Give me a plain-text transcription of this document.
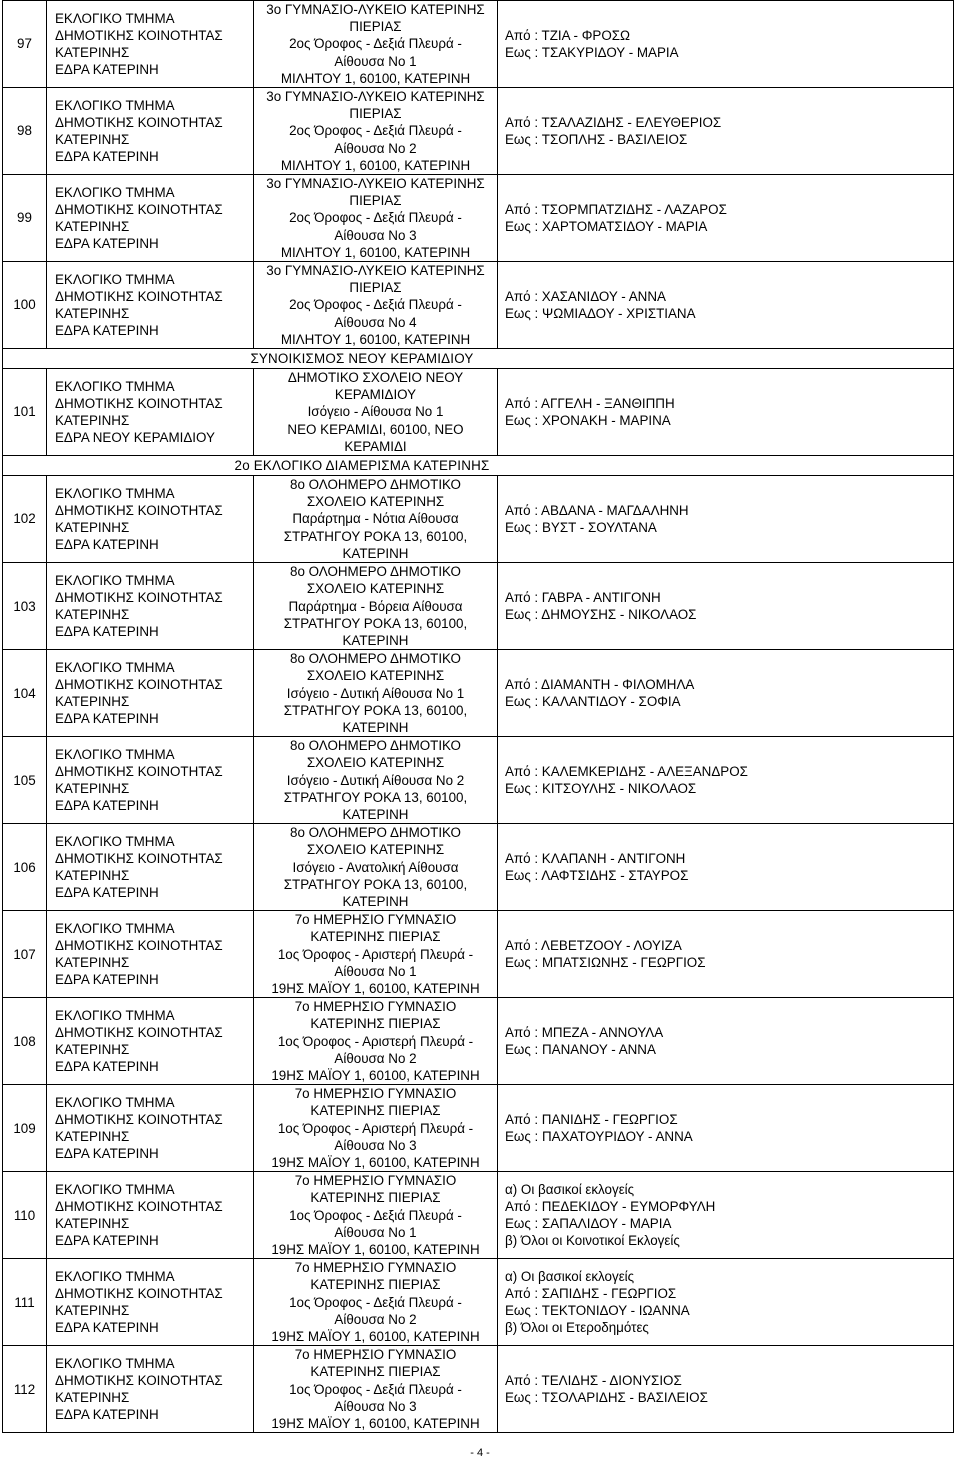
97	ΕΚΛΟΓΙΚΟ ΤΜΗΜΑ
ΔΗΜΟΤΙΚΗΣ ΚΟΙΝΟΤΗΤΑΣ
ΚΑΤΕΡΙΝΗΣ
ΕΔΡΑ ΚΑΤΕΡΙΝΗ	3ο ΓΥΜΝΑΣΙΟ-ΛΥΚΕΙΟ ΚΑΤΕΡΙΝΗΣ
ΠΙΕΡΙΑΣ
2ος Όροφος - Δεξιά Πλευρά -
Αίθουσα Νο 1
ΜΙΛΗΤΟΥ 1, 60100, ΚΑΤΕΡΙΝΗ	Από : ΤΖΙΑ - ΦΡΟΣΩ
Εως : ΤΣΑΚΥΡΙΔΟΥ - ΜΑΡΙΑ

98	ΕΚΛΟΓΙΚΟ ΤΜΗΜΑ
ΔΗΜΟΤΙΚΗΣ ΚΟΙΝΟΤΗΤΑΣ
ΚΑΤΕΡΙΝΗΣ
ΕΔΡΑ ΚΑΤΕΡΙΝΗ	3ο ΓΥΜΝΑΣΙΟ-ΛΥΚΕΙΟ ΚΑΤΕΡΙΝΗΣ
ΠΙΕΡΙΑΣ
2ος Όροφος - Δεξιά Πλευρά -
Αίθουσα Νο 2
ΜΙΛΗΤΟΥ 1, 60100, ΚΑΤΕΡΙΝΗ	Από : ΤΣΑΛΑΖΙΔΗΣ - ΕΛΕΥΘΕΡΙΟΣ
Εως : ΤΣΟΠΛΗΣ - ΒΑΣΙΛΕΙΟΣ

99	ΕΚΛΟΓΙΚΟ ΤΜΗΜΑ
ΔΗΜΟΤΙΚΗΣ ΚΟΙΝΟΤΗΤΑΣ
ΚΑΤΕΡΙΝΗΣ
ΕΔΡΑ ΚΑΤΕΡΙΝΗ	3ο ΓΥΜΝΑΣΙΟ-ΛΥΚΕΙΟ ΚΑΤΕΡΙΝΗΣ
ΠΙΕΡΙΑΣ
2ος Όροφος - Δεξιά Πλευρά -
Αίθουσα Νο 3
ΜΙΛΗΤΟΥ 1, 60100, ΚΑΤΕΡΙΝΗ	Από : ΤΣΟΡΜΠΑΤΖΙΔΗΣ - ΛΑΖΑΡΟΣ
Εως : ΧΑΡΤΟΜΑΤΣΙΔΟΥ - ΜΑΡΙΑ

100	ΕΚΛΟΓΙΚΟ ΤΜΗΜΑ
ΔΗΜΟΤΙΚΗΣ ΚΟΙΝΟΤΗΤΑΣ
ΚΑΤΕΡΙΝΗΣ
ΕΔΡΑ ΚΑΤΕΡΙΝΗ	3ο ΓΥΜΝΑΣΙΟ-ΛΥΚΕΙΟ ΚΑΤΕΡΙΝΗΣ
ΠΙΕΡΙΑΣ
2ος Όροφος - Δεξιά Πλευρά -
Αίθουσα Νο 4
ΜΙΛΗΤΟΥ 1, 60100, ΚΑΤΕΡΙΝΗ	Από : ΧΑΣΑΝΙΔΟΥ - ΑΝΝΑ
Εως : ΨΩΜΙΑΔΟΥ - ΧΡΙΣΤΙΑΝΑ

ΣΥΝΟΙΚΙΣΜΟΣ ΝΕΟΥ ΚΕΡΑΜΙΔΙΟΥ			
101	ΕΚΛΟΓΙΚΟ ΤΜΗΜΑ
ΔΗΜΟΤΙΚΗΣ ΚΟΙΝΟΤΗΤΑΣ
ΚΑΤΕΡΙΝΗΣ
ΕΔΡΑ ΝΕΟΥ ΚΕΡΑΜΙΔΙΟΥ	ΔΗΜΟΤΙΚΟ ΣΧΟΛΕΙΟ ΝΕΟΥ
ΚΕΡΑΜΙΔΙΟΥ
Ισόγειο - Αίθουσα Νο 1
ΝΕΟ ΚΕΡΑΜΙΔΙ, 60100, ΝΕΟ
ΚΕΡΑΜΙΔΙ	Από : ΑΓΓΕΛΗ - ΞΑΝΘΙΠΠΗ
Εως : ΧΡΟΝΑΚΗ - ΜΑΡΙΝΑ

2ο ΕΚΛΟΓΙΚΟ ΔΙΑΜΕΡΙΣΜΑ ΚΑΤΕΡΙΝΗΣ			
102	ΕΚΛΟΓΙΚΟ ΤΜΗΜΑ
ΔΗΜΟΤΙΚΗΣ ΚΟΙΝΟΤΗΤΑΣ
ΚΑΤΕΡΙΝΗΣ
ΕΔΡΑ ΚΑΤΕΡΙΝΗ	8ο ΟΛΟΗΜΕΡΟ ΔΗΜΟΤΙΚΟ
ΣΧΟΛΕΙΟ ΚΑΤΕΡΙΝΗΣ
Παράρτημα - Νότια Αίθουσα
ΣΤΡΑΤΗΓΟΥ ΡΟΚΑ 13, 60100,
ΚΑΤΕΡΙΝΗ	Από : ΑΒΔΑΝΑ - ΜΑΓΔΑΛΗΝΗ
Εως : ΒΥΣΤ - ΣΟΥΛΤΑΝΑ

103	ΕΚΛΟΓΙΚΟ ΤΜΗΜΑ
ΔΗΜΟΤΙΚΗΣ ΚΟΙΝΟΤΗΤΑΣ
ΚΑΤΕΡΙΝΗΣ
ΕΔΡΑ ΚΑΤΕΡΙΝΗ	8ο ΟΛΟΗΜΕΡΟ ΔΗΜΟΤΙΚΟ
ΣΧΟΛΕΙΟ ΚΑΤΕΡΙΝΗΣ
Παράρτημα - Βόρεια Αίθουσα
ΣΤΡΑΤΗΓΟΥ ΡΟΚΑ 13, 60100,
ΚΑΤΕΡΙΝΗ	Από : ΓΑΒΡΑ - ΑΝΤΙΓΟΝΗ
Εως : ΔΗΜΟΥΣΗΣ - ΝΙΚΟΛΑΟΣ

104	ΕΚΛΟΓΙΚΟ ΤΜΗΜΑ
ΔΗΜΟΤΙΚΗΣ ΚΟΙΝΟΤΗΤΑΣ
ΚΑΤΕΡΙΝΗΣ
ΕΔΡΑ ΚΑΤΕΡΙΝΗ	8ο ΟΛΟΗΜΕΡΟ ΔΗΜΟΤΙΚΟ
ΣΧΟΛΕΙΟ ΚΑΤΕΡΙΝΗΣ
Ισόγειο - Δυτική Αίθουσα Νο 1
ΣΤΡΑΤΗΓΟΥ ΡΟΚΑ 13, 60100,
ΚΑΤΕΡΙΝΗ	Από : ΔΙΑΜΑΝΤΗ - ΦΙΛΟΜΗΛΑ
Εως : ΚΑΛΑΝΤΙΔΟΥ - ΣΟΦΙΑ

105	ΕΚΛΟΓΙΚΟ ΤΜΗΜΑ
ΔΗΜΟΤΙΚΗΣ ΚΟΙΝΟΤΗΤΑΣ
ΚΑΤΕΡΙΝΗΣ
ΕΔΡΑ ΚΑΤΕΡΙΝΗ	8ο ΟΛΟΗΜΕΡΟ ΔΗΜΟΤΙΚΟ
ΣΧΟΛΕΙΟ ΚΑΤΕΡΙΝΗΣ
Ισόγειο - Δυτική Αίθουσα Νο 2
ΣΤΡΑΤΗΓΟΥ ΡΟΚΑ 13, 60100,
ΚΑΤΕΡΙΝΗ	Από : ΚΑΛΕΜΚΕΡΙΔΗΣ - ΑΛΕΞΑΝΔΡΟΣ
Εως : ΚΙΤΣΟΥΛΗΣ - ΝΙΚΟΛΑΟΣ

106	ΕΚΛΟΓΙΚΟ ΤΜΗΜΑ
ΔΗΜΟΤΙΚΗΣ ΚΟΙΝΟΤΗΤΑΣ
ΚΑΤΕΡΙΝΗΣ
ΕΔΡΑ ΚΑΤΕΡΙΝΗ	8ο ΟΛΟΗΜΕΡΟ ΔΗΜΟΤΙΚΟ
ΣΧΟΛΕΙΟ ΚΑΤΕΡΙΝΗΣ
Ισόγειο - Ανατολική Αίθουσα
ΣΤΡΑΤΗΓΟΥ ΡΟΚΑ 13, 60100,
ΚΑΤΕΡΙΝΗ	Από : ΚΛΑΠΑΝΗ - ΑΝΤΙΓΟΝΗ
Εως : ΛΑΦΤΣΙΔΗΣ - ΣΤΑΥΡΟΣ

107	ΕΚΛΟΓΙΚΟ ΤΜΗΜΑ
ΔΗΜΟΤΙΚΗΣ ΚΟΙΝΟΤΗΤΑΣ
ΚΑΤΕΡΙΝΗΣ
ΕΔΡΑ ΚΑΤΕΡΙΝΗ	7ο ΗΜΕΡΗΣΙΟ ΓΥΜΝΑΣΙΟ
ΚΑΤΕΡΙΝΗΣ ΠΙΕΡΙΑΣ
1ος Όροφος - Αριστερή Πλευρά -
Αίθουσα Νο 1
19ΗΣ ΜΑΪΟΥ 1, 60100, ΚΑΤΕΡΙΝΗ	Από : ΛΕΒΕΤΖΟΟΥ - ΛΟΥΙΖΑ
Εως : ΜΠΑΤΣΙΩΝΗΣ - ΓΕΩΡΓΙΟΣ

108	ΕΚΛΟΓΙΚΟ ΤΜΗΜΑ
ΔΗΜΟΤΙΚΗΣ ΚΟΙΝΟΤΗΤΑΣ
ΚΑΤΕΡΙΝΗΣ
ΕΔΡΑ ΚΑΤΕΡΙΝΗ	7ο ΗΜΕΡΗΣΙΟ ΓΥΜΝΑΣΙΟ
ΚΑΤΕΡΙΝΗΣ ΠΙΕΡΙΑΣ
1ος Όροφος - Αριστερή Πλευρά -
Αίθουσα Νο 2
19ΗΣ ΜΑΪΟΥ 1, 60100, ΚΑΤΕΡΙΝΗ	Από : ΜΠΕΖΑ - ΑΝΝΟΥΛΑ
Εως : ΠΑΝΑΝΟΥ - ΑΝΝΑ

109	ΕΚΛΟΓΙΚΟ ΤΜΗΜΑ
ΔΗΜΟΤΙΚΗΣ ΚΟΙΝΟΤΗΤΑΣ
ΚΑΤΕΡΙΝΗΣ
ΕΔΡΑ ΚΑΤΕΡΙΝΗ	7ο ΗΜΕΡΗΣΙΟ ΓΥΜΝΑΣΙΟ
ΚΑΤΕΡΙΝΗΣ ΠΙΕΡΙΑΣ
1ος Όροφος - Αριστερή Πλευρά -
Αίθουσα Νο 3
19ΗΣ ΜΑΪΟΥ 1, 60100, ΚΑΤΕΡΙΝΗ	Από : ΠΑΝΙΔΗΣ - ΓΕΩΡΓΙΟΣ
Εως : ΠΑΧΑΤΟΥΡΙΔΟΥ - ΑΝΝΑ

110	ΕΚΛΟΓΙΚΟ ΤΜΗΜΑ
ΔΗΜΟΤΙΚΗΣ ΚΟΙΝΟΤΗΤΑΣ
ΚΑΤΕΡΙΝΗΣ
ΕΔΡΑ ΚΑΤΕΡΙΝΗ	7ο ΗΜΕΡΗΣΙΟ ΓΥΜΝΑΣΙΟ
ΚΑΤΕΡΙΝΗΣ ΠΙΕΡΙΑΣ
1ος Όροφος - Δεξιά Πλευρά -
Αίθουσα Νο 1
19ΗΣ ΜΑΪΟΥ 1, 60100, ΚΑΤΕΡΙΝΗ	α) Οι βασικοί εκλογείς
Από : ΠΕΔΕΚΙΔΟΥ - ΕΥΜΟΡΦΥΛΗ
Εως : ΣΑΠΑΛΙΔΟΥ - ΜΑΡΙΑ
β) Όλοι οι Κοινοτικοί Εκλογείς

111	ΕΚΛΟΓΙΚΟ ΤΜΗΜΑ
ΔΗΜΟΤΙΚΗΣ ΚΟΙΝΟΤΗΤΑΣ
ΚΑΤΕΡΙΝΗΣ
ΕΔΡΑ ΚΑΤΕΡΙΝΗ	7ο ΗΜΕΡΗΣΙΟ ΓΥΜΝΑΣΙΟ
ΚΑΤΕΡΙΝΗΣ ΠΙΕΡΙΑΣ
1ος Όροφος - Δεξιά Πλευρά -
Αίθουσα Νο 2
19ΗΣ ΜΑΪΟΥ 1, 60100, ΚΑΤΕΡΙΝΗ	α) Οι βασικοί εκλογείς
Από : ΣΑΠΙΔΗΣ - ΓΕΩΡΓΙΟΣ
Εως : ΤΕΚΤΟΝΙΔΟΥ - ΙΩΑΝΝΑ
β) Όλοι οι Ετεροδημότες

112	ΕΚΛΟΓΙΚΟ ΤΜΗΜΑ
ΔΗΜΟΤΙΚΗΣ ΚΟΙΝΟΤΗΤΑΣ
ΚΑΤΕΡΙΝΗΣ
ΕΔΡΑ ΚΑΤΕΡΙΝΗ	7ο ΗΜΕΡΗΣΙΟ ΓΥΜΝΑΣΙΟ
ΚΑΤΕΡΙΝΗΣ ΠΙΕΡΙΑΣ
1ος Όροφος - Δεξιά Πλευρά -
Αίθουσα Νο 3
19ΗΣ ΜΑΪΟΥ 1, 60100, ΚΑΤΕΡΙΝΗ	Από : ΤΕΛΙΔΗΣ - ΔΙΟΝΥΣΙΟΣ
Εως : ΤΣΟΛΑΡΙΔΗΣ - ΒΑΣΙΛΕΙΟΣ
- 4 -
